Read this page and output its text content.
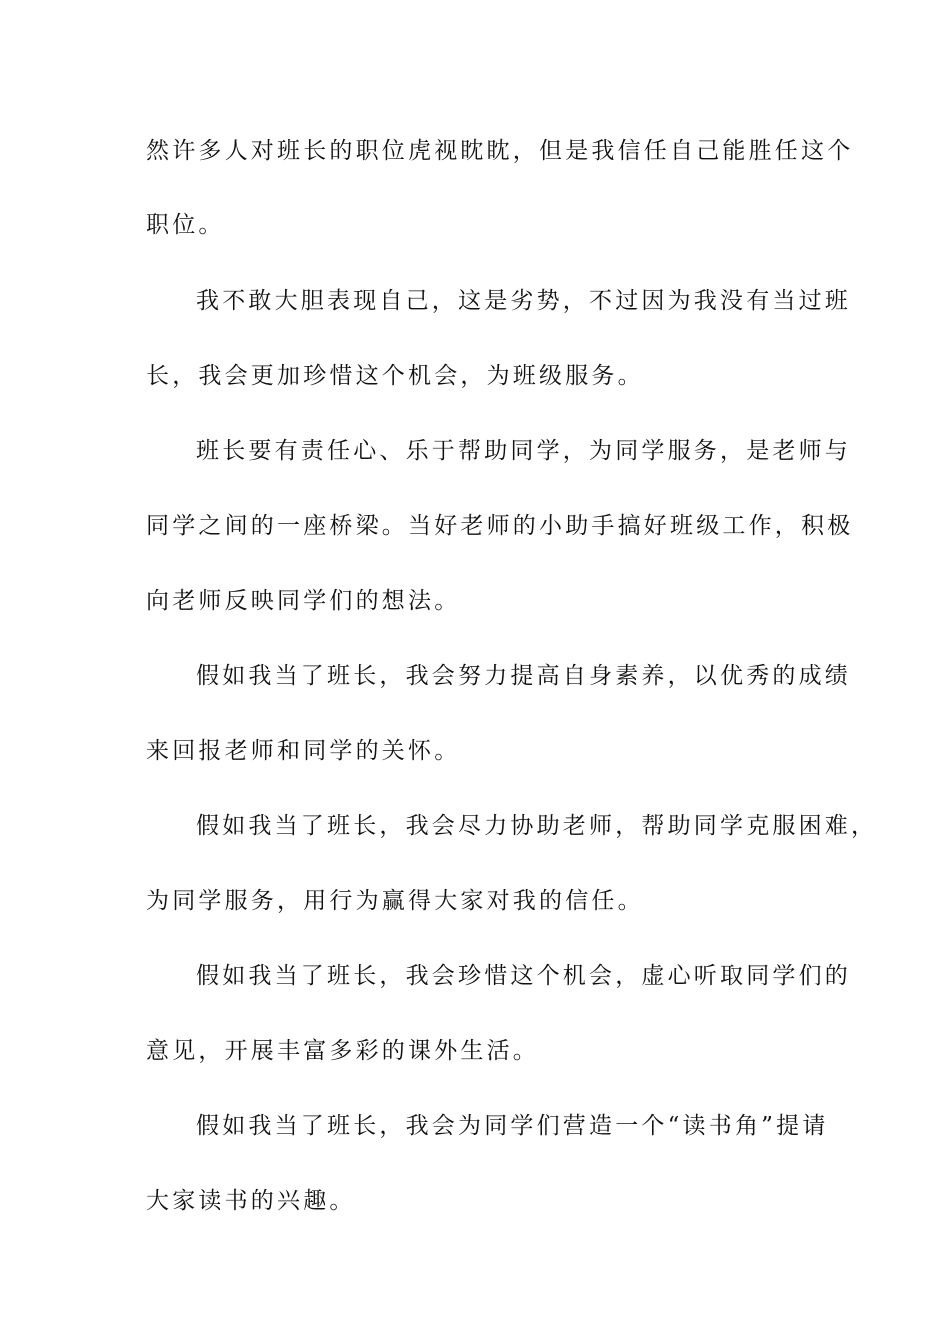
然许多人对班长的职位虎视眈眈，但是我信任自己能胜任这个
职位。
我不敢大胆表现自己，这是劣势，不过因为我没有当过班
长，我会更加珍惜这个机会，为班级服务。
班长要有责任心、乐于帮助同学，为同学服务，是老师与
同学之间的一座桥梁。当好老师的小助手搞好班级工作，积极
向老师反映同学们的想法。
假如我当了班长，我会努力提高自身素养，以优秀的成绩
来回报老师和同学的关怀。
假如我当了班长，我会尽力协助老师，帮助同学克服困难，
为同学服务，用行为赢得大家对我的信任。
假如我当了班长，我会珍惜这个机会，虚心听取同学们的
意见，开展丰富多彩的课外生活。
假如我当了班长，我会为同学们营造一个“读书角”提请
大家读书的兴趣。
